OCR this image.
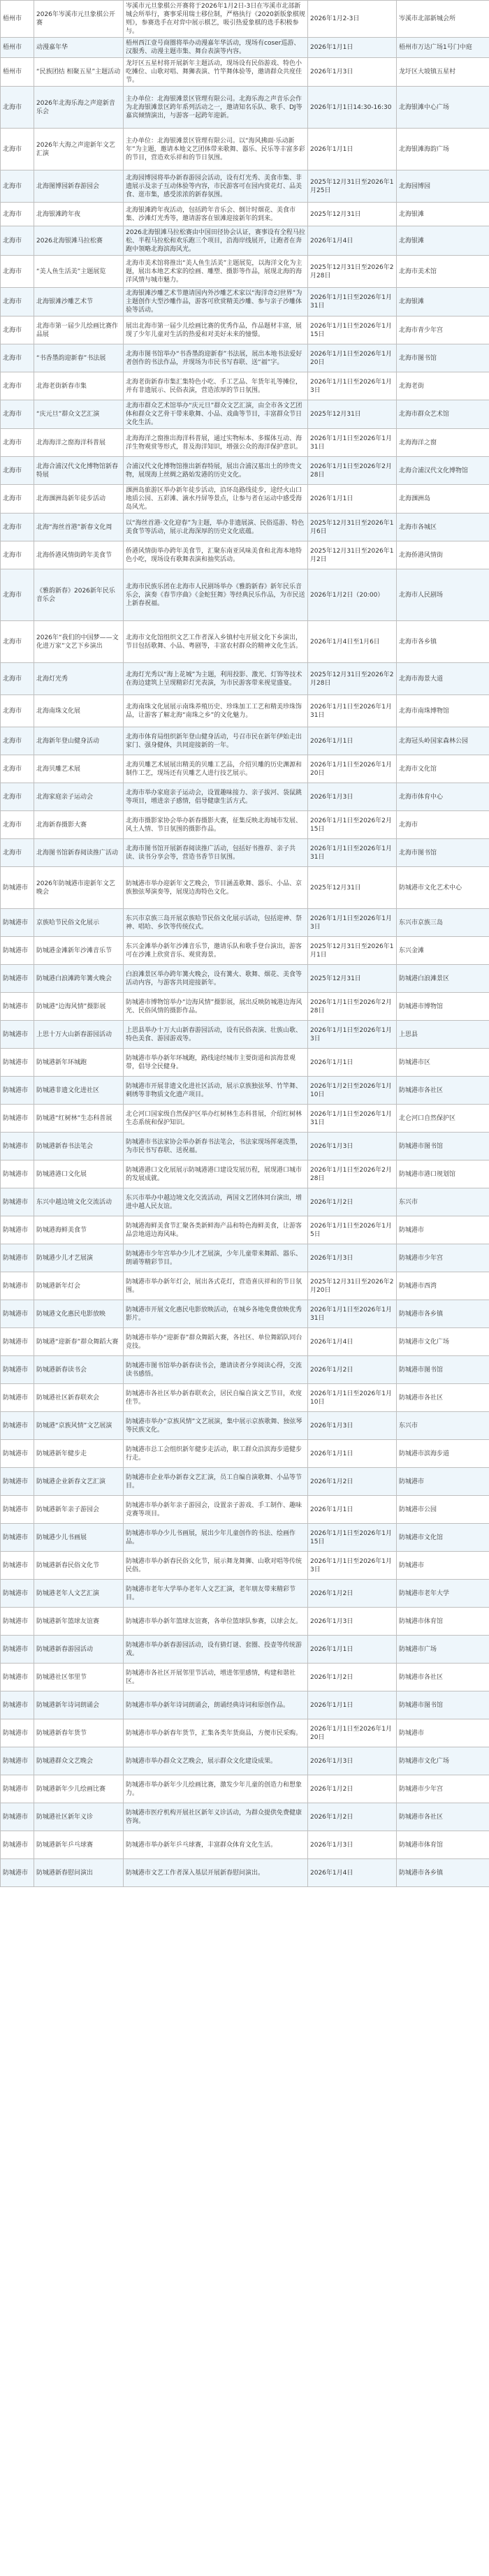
梧州市	2026年岑溪市元旦象棋公开赛	岑溪市元旦象棋公开赛将于2026年1月2日-3日在岑溪市北部新城会所举行，赛事采用瑞士移位制，严格执行《2020新版象棋规则》，参赛选手在对弈中展示棋艺，吸引热爱象棋的选手积极参与。	2026年1月2-3日	岑溪市北部新城会所
梧州市	动漫嘉年华	梧州西江壹号商圈将举办动漫嘉年华活动，现场有coser巡游、汉服秀、动漫主题市集、舞台表演等内容。	2026年1月1日	梧州市万达广场1号门中庭
梧州市	“民族团结 相聚五星”主题活动	龙圩区五星村将开展新年主题活动，现场设有民俗游戏、特色小吃摊位、山歌对唱、舞狮表演、竹竿舞体验等，邀请群众共度佳节。	2026年1月3日	龙圩区大坡镇五星村
北海市	2026年北海乐海之声迎新音乐会	主办单位：北海银滩景区管理有限公司。北海乐海之声音乐会作为北海银滩景区跨年系列活动之一，邀请知名乐队、歌手、DJ等嘉宾倾情演出，与游客一起跨年迎新。	2026年1月1日14:30-16:30	北海银滩中心广场
北海市	2026年大海之声迎新年文艺汇演	主办单位：北海银滩景区管理有限公司。以“海风拂面·乐动新年”为主题，邀请本地文艺团体带来歌舞、器乐、民乐等丰富多彩的节目，营造欢乐祥和的节日氛围。	2026年1月1日	北海银滩海韵广场
北海市	北海图博园新春游园会	北海园博园将举办新春游园会活动，设有灯光秀、美食市集、非遗展示及亲子互动体验等内容，市民游客可在园内赏花灯、品美食、逛市集，感受浓浓的新春氛围。	2025年12月31日至2026年1月25日	北海园博园
北海市	北海银滩跨年夜	北海银滩跨年夜活动，包括跨年音乐会、倒计时烟花、美食市集、沙滩灯光秀等，邀请游客在银滩迎接新年的到来。	2025年12月31日	北海银滩
北海市	2026北海银滩马拉松赛	2026北海银滩马拉松赛由中国田径协会认证，赛事设有全程马拉松、半程马拉松和欢乐跑三个项目，沿海岸线展开，让跑者在奔跑中领略北海滨海风光。	2026年1月4日	北海银滩
北海市	“美人鱼生活美”主题展览	北海市美术馆将推出“美人鱼生活美”主题展览，以海洋文化为主题，展出本地艺术家的绘画、雕塑、摄影等作品，展现北海的海洋风情与城市魅力。	2025年12月31日至2026年2月28日	北海市美术馆
北海市	北海银滩沙雕艺术节	北海银滩沙雕艺术节邀请国内外沙雕艺术家以“海洋奇幻世界”为主题创作大型沙雕作品，游客可欣赏精美沙雕、参与亲子沙雕体验等活动。	2026年1月1日至2026年1月31日	北海银滩
北海市	北海市第一届少儿绘画比赛作品展	展出北海市第一届少儿绘画比赛的优秀作品，作品题材丰富，展现了少年儿童对生活的热爱和对美好未来的憧憬。	2026年1月1日至2026年1月15日	北海市青少年宫
北海市	“书香墨韵迎新春”书法展	北海市图书馆举办“书香墨韵迎新春”书法展，展出本地书法爱好者创作的书法作品，并现场为市民书写春联、送“福”字。	2026年1月1日至2026年1月20日	北海市图书馆
北海市	北海老街新春市集	北海老街新春市集汇集特色小吃、手工艺品、年货年礼等摊位，并有非遗展示、民俗表演，营造浓厚的节日氛围。	2026年1月1日至2026年1月3日	北海老街
北海市	“庆元旦”群众文艺汇演	北海市群众艺术馆举办“庆元旦”群众文艺汇演，由全市各文艺团体和群众文艺骨干带来歌舞、小品、戏曲等节目，丰富群众节日文化生活。	2025年12月31日	北海市群众艺术馆
北海市	北海海洋之窗海洋科普展	北海海洋之窗推出海洋科普展，通过实物标本、多媒体互动、海洋生物观赏等形式，普及海洋知识，增强公众的海洋保护意识。	2026年1月1日至2026年1月31日	北海海洋之窗
北海市	北海合浦汉代文化博物馆新春特展	合浦汉代文化博物馆推出新春特展，展出合浦汉墓出土的珍贵文物，展现海上丝绸之路始发港的历史文化。	2026年1月1日至2026年2月28日	北海合浦汉代文化博物馆
北海市	北海涠洲岛新年徒步活动	涠洲岛旅游区举办新年徒步活动，沿环岛路线徒步，途经火山口地质公园、五彩滩、滴水丹屏等景点，让参与者在运动中感受海岛风光。	2026年1月1日	北海涠洲岛
北海市	北海“海丝首港”新春文化周	以“海丝首港·文化迎春”为主题，举办非遗展演、民俗巡游、特色美食节等活动，展示北海深厚的历史文化底蕴。	2025年12月31日至2026年1月6日	北海市各城区
北海市	北海侨港风情街跨年美食节	侨港风情街举办跨年美食节，汇聚东南亚风味美食和北海本地特色小吃，现场设有歌舞表演和抽奖活动。	2025年12月31日至2026年1月2日	北海侨港风情街
北海市	《雅韵新春》2026新年民乐音乐会	北海市民族乐团在北海市人民剧场举办《雅韵新春》新年民乐音乐会，演奏《春节序曲》《金蛇狂舞》等经典民乐作品，为市民送上新春祝福。	2026年1月2日（20:00）	北海市人民剧场
北海市	2026年“我们的中国梦——文化进万家”文艺下乡演出	北海市文化馆组织文艺工作者深入乡镇村屯开展文化下乡演出，节目包括歌舞、小品、粤剧等，丰富农村群众的精神文化生活。	2026年1月4日至1月6日	北海市各乡镇
北海市	北海灯光秀	北海灯光秀以“海上花城”为主题，利用投影、激光、灯饰等技术在海边建筑上呈现精彩灯光表演，为市民游客带来视觉盛宴。	2025年12月31日至2026年2月28日	北海市海景大道
北海市	北海南珠文化展	北海南珠文化展展示南珠养殖历史、珍珠加工工艺和精美珍珠饰品，让游客了解北海“南珠之乡”的文化魅力。	2026年1月1日至2026年1月31日	北海市南珠博物馆
北海市	北海新年登山健身活动	北海市体育局组织新年登山健身活动，号召市民在新年伊始走出家门、强身健体，共同迎接新的一年。	2026年1月1日	北海冠头岭国家森林公园
北海市	北海贝雕艺术展	北海贝雕艺术展展出精美的贝雕工艺品，介绍贝雕的历史渊源和制作工艺，现场还有贝雕艺人进行技艺展示。	2026年1月1日至2026年1月20日	北海市文化馆
北海市	北海家庭亲子运动会	北海市举办家庭亲子运动会，设置趣味接力、亲子拔河、袋鼠跳等项目，增进亲子感情，倡导健康生活方式。	2026年1月3日	北海市体育中心
北海市	北海新春摄影大赛	北海市摄影家协会举办新春摄影大赛，征集反映北海城市发展、风土人情、节日氛围的摄影作品。	2026年1月1日至2026年2月15日	北海市
北海市	北海图书馆新春阅读推广活动	北海市图书馆开展新春阅读推广活动，包括好书推荐、亲子共读、读书分享会等，营造书香节日氛围。	2026年1月1日至2026年1月31日	北海市图书馆
防城港市	2026年防城港市迎新年文艺晚会	防城港市举办迎新年文艺晚会，节目涵盖歌舞、器乐、小品、京族独弦琴演奏等，展现边海特色文化。	2025年12月31日	防城港市文化艺术中心
防城港市	京族哈节民俗文化展示	东兴市京族三岛开展京族哈节民俗文化展示活动，包括迎神、祭神、唱哈、乡饮等传统仪式。	2026年1月1日至2026年1月3日	东兴市京族三岛
防城港市	防城港金滩新年沙滩音乐节	东兴金滩举办新年沙滩音乐节，邀请乐队和歌手登台演出，游客可在沙滩上欣赏音乐、观赏海景。	2025年12月31日至2026年1月1日	东兴金滩
防城港市	防城港白浪滩跨年篝火晚会	白浪滩景区举办跨年篝火晚会，设有篝火、歌舞、烟花、美食等活动内容，与游客共同迎接新年。	2025年12月31日	防城港白浪滩景区
防城港市	防城港“边海风情”摄影展	防城港市博物馆举办“边海风情”摄影展，展出反映防城港边海风光、民俗风情的摄影作品。	2026年1月1日至2026年2月28日	防城港市博物馆
防城港市	上思十万大山新春游园活动	上思县举办十万大山新春游园活动，设有民俗表演、壮族山歌、特色美食、游园游戏等。	2026年1月1日至2026年1月3日	上思县
防城港市	防城港新年环城跑	防城港市举办新年环城跑，路线途经城市主要街道和滨海景观带，倡导全民健身。	2026年1月1日	防城港市区
防城港市	防城港非遗文化进社区	防城港市开展非遗文化进社区活动，展示京族独弦琴、竹竿舞、刺绣等非物质文化遗产项目。	2026年1月2日至2026年1月10日	防城港市各社区
防城港市	防城港“红树林”生态科普展	北仑河口国家级自然保护区举办红树林生态科普展，介绍红树林生态系统和保护知识。	2026年1月1日至2026年1月31日	北仑河口自然保护区
防城港市	防城港新春书法笔会	防城港市书法家协会举办新春书法笔会，书法家现场挥毫泼墨，为市民书写春联、送祝福。	2026年1月3日	防城港市图书馆
防城港市	防城港港口文化展	防城港港口文化展展示防城港港口建设发展历程，展现港口城市的发展成就。	2026年1月1日至2026年2月28日	防城港市港口规划馆
防城港市	东兴中越边境文化交流活动	东兴市举办中越边境文化交流活动，两国文艺团体同台演出，增进中越人民友谊。	2026年1月2日	东兴市
防城港市	防城港海鲜美食节	防城港海鲜美食节汇聚各类新鲜海产品和特色海鲜美食，让游客品尝地道边海风味。	2026年1月1日至2026年1月5日	防城港市
防城港市	防城港少儿才艺展演	防城港市少年宫举办少儿才艺展演，少年儿童带来舞蹈、器乐、朗诵等精彩节目。	2026年1月3日	防城港市少年宫
防城港市	防城港新年灯会	防城港市举办新年灯会，展出各式花灯，营造喜庆祥和的节日氛围。	2025年12月31日至2026年2月20日	防城港市西湾
防城港市	防城港文化惠民电影放映	防城港市开展文化惠民电影放映活动，在城乡各地免费放映优秀影片。	2026年1月1日至2026年1月31日	防城港市各乡镇
防城港市	防城港“迎新春”群众舞蹈大赛	防城港市举办“迎新春”群众舞蹈大赛，各社区、单位舞蹈队同台竞技。	2026年1月4日	防城港市文化广场
防城港市	防城港新春读书会	防城港市图书馆举办新春读书会，邀请读者分享阅读心得，交流读书感悟。	2026年1月2日	防城港市图书馆
防城港市	防城港社区新春联欢会	防城港市各社区举办新春联欢会，居民自编自演文艺节目，欢度佳节。	2026年1月1日至2026年1月10日	防城港市各社区
防城港市	防城港“京族风情”文艺展演	防城港市举办“京族风情”文艺展演，集中展示京族歌舞、独弦琴等民族文化。	2026年1月3日	东兴市
防城港市	防城港新年健步走	防城港市总工会组织新年健步走活动，职工群众沿滨海步道健步行走。	2026年1月1日	防城港市滨海步道
防城港市	防城港企业新春文艺汇演	防城港市企业举办新春文艺汇演，员工自编自演歌舞、小品等节目。	2026年1月2日	防城港市
防城港市	防城港新年亲子游园会	防城港市举办新年亲子游园会，设置亲子游戏、手工制作、趣味竞赛等项目。	2026年1月1日	防城港市公园
防城港市	防城港少儿书画展	防城港市举办少儿书画展，展出少年儿童创作的书法、绘画作品。	2026年1月1日至2026年1月15日	防城港市文化馆
防城港市	防城港新春民俗文化节	防城港市举办新春民俗文化节，展示舞龙舞狮、山歌对唱等传统民俗。	2026年1月1日至2026年1月3日	防城港市
防城港市	防城港老年人文艺汇演	防城港市老年大学举办老年人文艺汇演，老年朋友带来精彩节目。	2026年1月2日	防城港市老年大学
防城港市	防城港新年篮球友谊赛	防城港市举办新年篮球友谊赛，各单位篮球队参赛，以球会友。	2026年1月3日	防城港市体育馆
防城港市	防城港新春游园活动	防城港市举办新春游园活动，设有猜灯谜、套圈、投壶等传统游戏。	2026年1月1日	防城港市广场
防城港市	防城港社区邻里节	防城港市各社区开展邻里节活动，增进邻里感情，构建和谐社区。	2026年1月2日	防城港市各社区
防城港市	防城港新年诗词朗诵会	防城港市举办新年诗词朗诵会，朗诵经典诗词和原创作品。	2026年1月1日	防城港市图书馆
防城港市	防城港新春年货节	防城港市举办新春年货节，汇集各类年货商品，方便市民采购。	2026年1月1日至2026年1月20日	防城港市
防城港市	防城港群众文艺晚会	防城港市举办群众文艺晚会，展示群众文化建设成果。	2026年1月3日	防城港市文化广场
防城港市	防城港新年少儿绘画比赛	防城港市举办新年少儿绘画比赛，激发少年儿童的创造力和想象力。	2026年1月2日	防城港市少年宫
防城港市	防城港社区新年义诊	防城港市医疗机构开展社区新年义诊活动，为群众提供免费健康咨询。	2026年1月2日	防城港市各社区
防城港市	防城港新年乒乓球赛	防城港市举办新年乒乓球赛，丰富群众体育文化生活。	2026年1月3日	防城港市体育馆
防城港市	防城港新春慰问演出	防城港市文艺工作者深入基层开展新春慰问演出。	2026年1月4日	防城港市各乡镇
